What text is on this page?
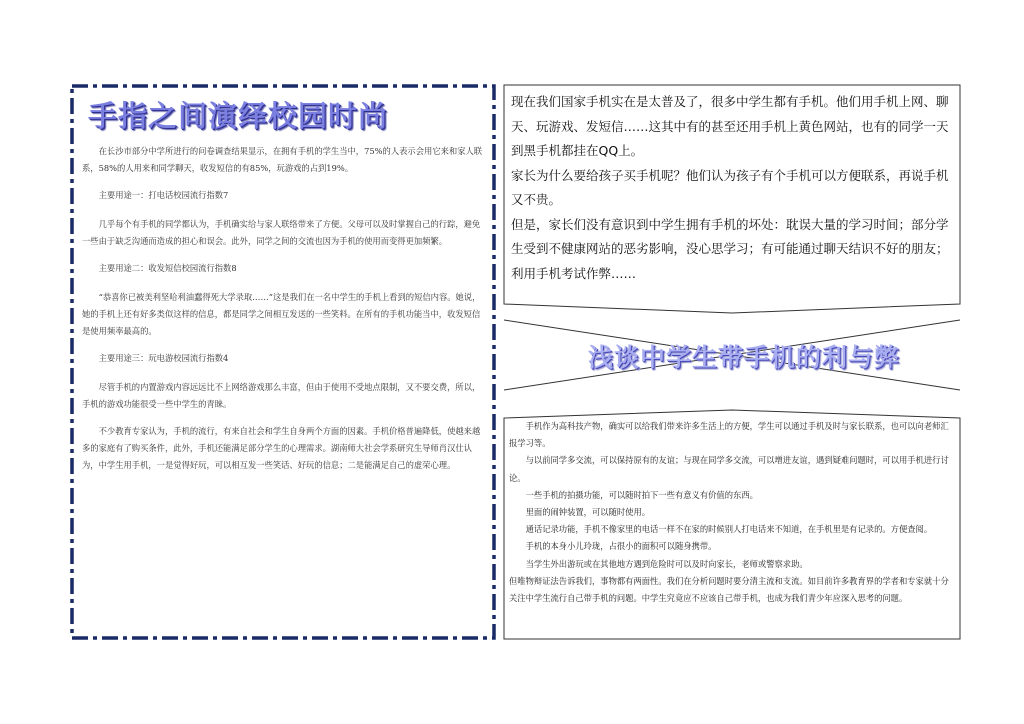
手指之间演绎校园时尚

在长沙市部分中学所进行的问卷调查结果显示，在拥有手机的学生当中，75%的人表示会用它来和家人联系，58%的人用来和同学聊天，收发短信的有85%，玩游戏的占到19%。

主要用途一：打电话校园流行指数7

几乎每个有手机的同学都认为，手机确实给与家人联络带来了方便。父母可以及时掌握自己的行踪，避免一些由于缺乏沟通而造成的担心和误会。此外，同学之间的交流也因为手机的使用而变得更加频繁。

主要用途二：收发短信校园流行指数8

“恭喜你已被美利坚哈利油蠢得死大学录取……”这是我们在一名中学生的手机上看到的短信内容。她说，她的手机上还有好多类似这样的信息，都是同学之间相互发送的一些笑料。在所有的手机功能当中，收发短信是使用频率最高的。

主要用途三：玩电游校园流行指数4

尽管手机的内置游戏内容远远比不上网络游戏那么丰富，但由于使用不受地点限制，又不要交费，所以，手机的游戏功能很受一些中学生的青睐。

不少教育专家认为，手机的流行，有来自社会和学生自身两个方面的因素。手机价格普遍降低，使越来越多的家庭有了购买条件，此外，手机还能满足部分学生的心理需求。湖南师大社会学系研究生导师肖汉仕认为，中学生用手机，一是觉得好玩，可以相互发一些笑话、好玩的信息；二是能满足自己的虚荣心理。

现在我们国家手机实在是太普及了，很多中学生都有手机。他们用手机上网、聊天、玩游戏、发短信……这其中有的甚至还用手机上黄色网站，也有的同学一天到黑手机都挂在QQ上。

家长为什么要给孩子买手机呢？他们认为孩子有个手机可以方便联系，再说手机又不贵。

但是，家长们没有意识到中学生拥有手机的坏处：耽误大量的学习时间；部分学生受到不健康网站的恶劣影响，没心思学习；有可能通过聊天结识不好的朋友；利用手机考试作弊……

浅谈中学生带手机的利与弊

手机作为高科技产物，确实可以给我们带来许多生活上的方便，学生可以通过手机及时与家长联系，也可以向老师汇报学习等。

与以前同学多交流，可以保持原有的友谊；与现在同学多交流，可以增进友谊，遇到疑难问题时，可以用手机进行讨论。

一些手机的拍摄功能，可以随时拍下一些有意义有价值的东西。

里面的闹钟装置，可以随时使用。

通话记录功能，手机不像家里的电话一样不在家的时候别人打电话来不知道，在手机里是有记录的。方便查阅。

手机的本身小儿玲珑，占很小的面积可以随身携带。

当学生外出游玩或在其他地方遇到危险时可以及时向家长，老师或警察求助。

但唯物辩证法告诉我们，事物都有两面性。我们在分析问题时要分清主流和支流。如目前许多教育界的学者和专家就十分关注中学生流行自己带手机的问题。中学生究竟应不应该自己带手机，也成为我们青少年应深入思考的问题。
